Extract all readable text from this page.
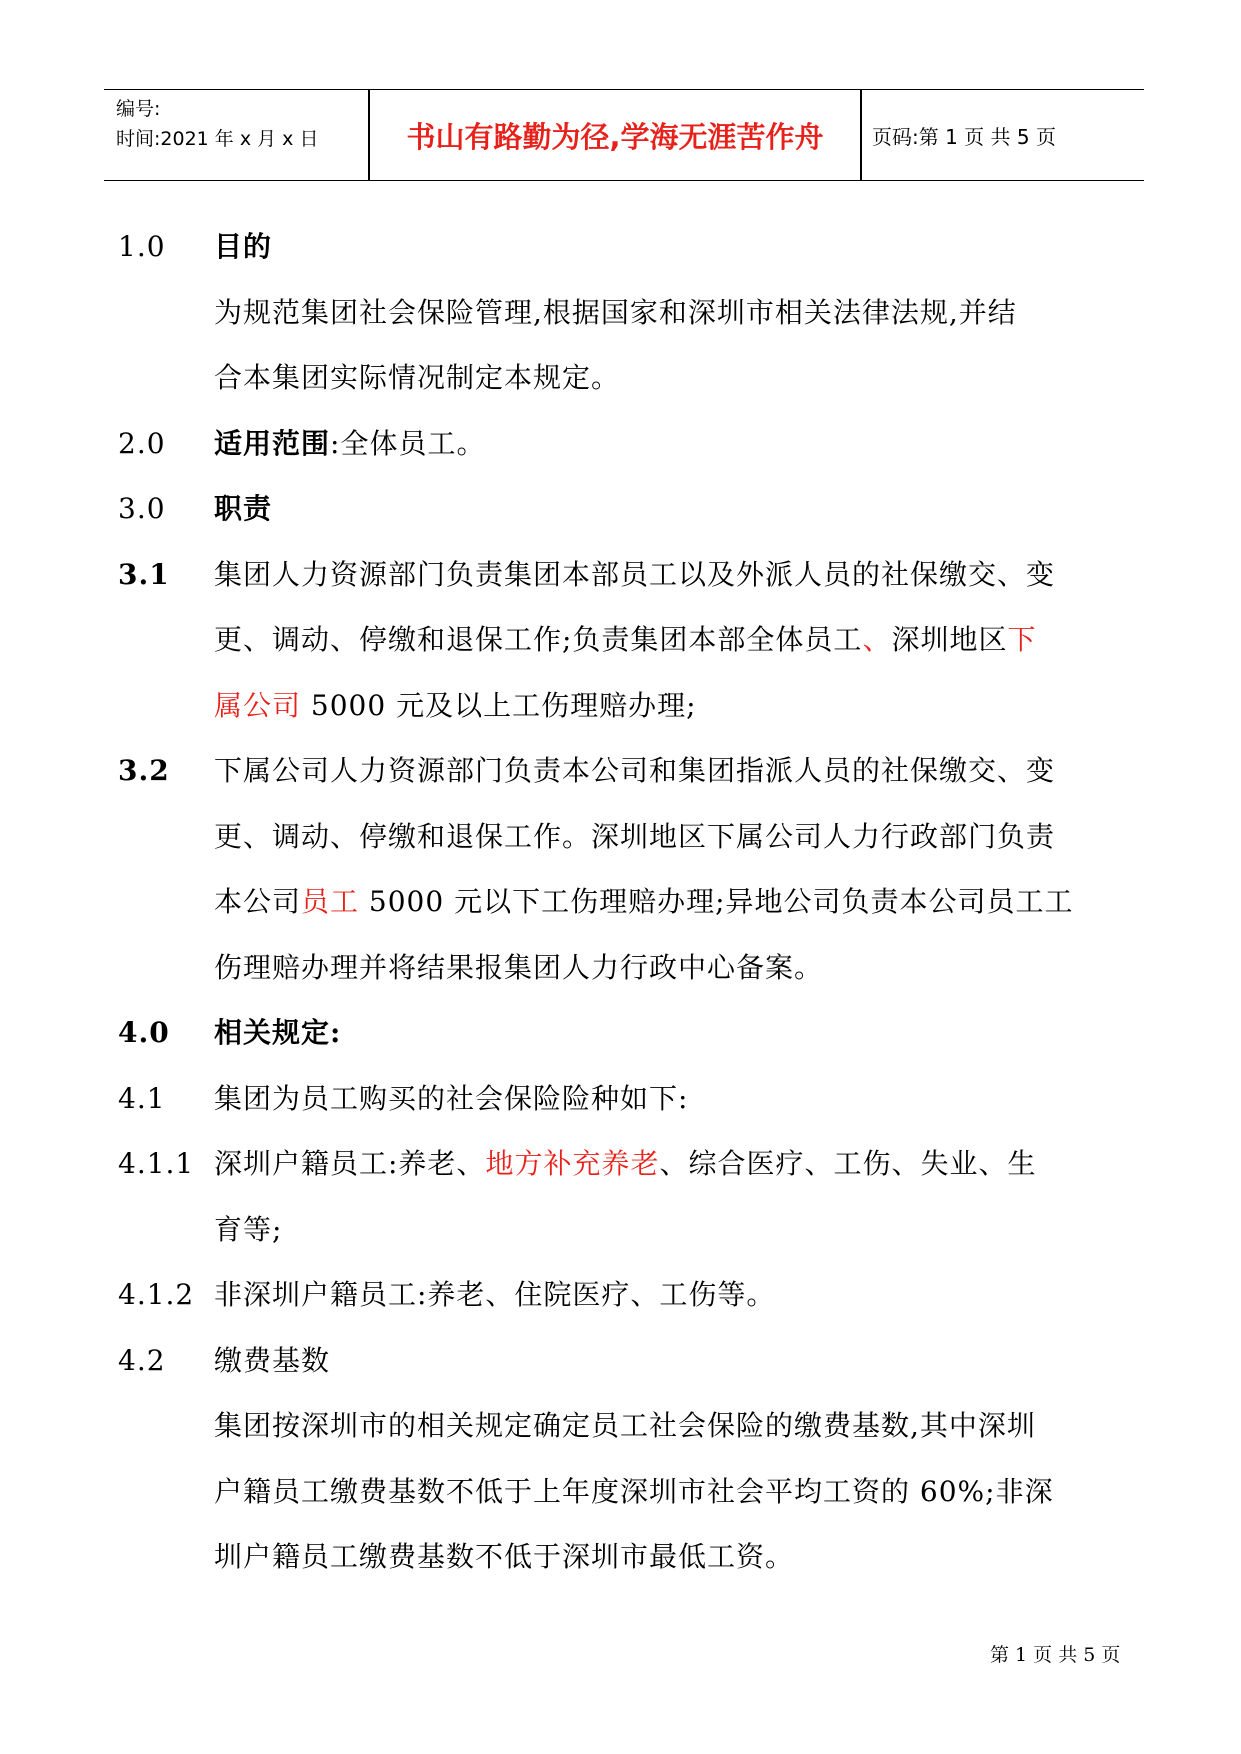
编号:
时间:2021 年 x 月 x 日	书山有路勤为径,学海无涯苦作舟	页码:第 1 页 共 5 页
1.0	目的
为规范集团社会保险管理,根据国家和深圳市相关法律法规,并结
合本集团实际情况制定本规定。
2.0	适用范围:全体员工。
3.0	职责
3.1	集团人力资源部门负责集团本部员工以及外派人员的社保缴交、变
更、调动、停缴和退保工作;负责集团本部全体员工、深圳地区下
属公司 5000 元及以上工伤理赔办理;
3.2	下属公司人力资源部门负责本公司和集团指派人员的社保缴交、变
更、调动、停缴和退保工作。深圳地区下属公司人力行政部门负责
本公司员工 5000 元以下工伤理赔办理;异地公司负责本公司员工工
伤理赔办理并将结果报集团人力行政中心备案。
4.0	相关规定:
4.1	集团为员工购买的社会保险险种如下:
4.1.1 深圳户籍员工:养老、地方补充养老、综合医疗、工伤、失业、生
育等;
4.1.2 非深圳户籍员工:养老、住院医疗、工伤等。
4.2	缴费基数
集团按深圳市的相关规定确定员工社会保险的缴费基数,其中深圳
户籍员工缴费基数不低于上年度深圳市社会平均工资的 60%;非深
圳户籍员工缴费基数不低于深圳市最低工资。
第 1 页 共 5 页
